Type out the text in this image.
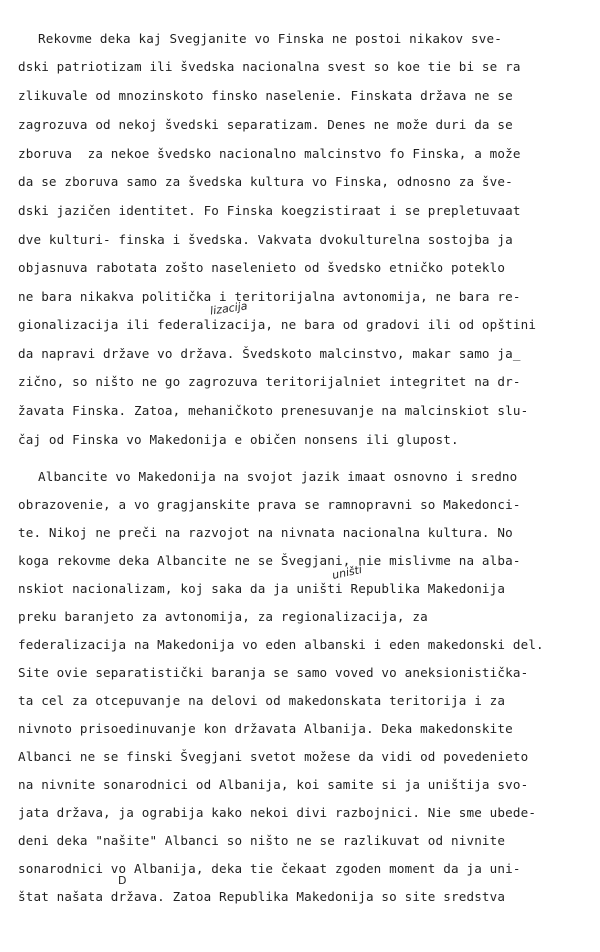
Rekovme deka kaj Svegjanite vo Finska ne postoi nikakov sve-
dski patriotizam ili švedska nacionalna svest so koe tie bi se ra
zlikuvale od mnozinskoto finsko naselenie. Finskata država ne se
zagrozuva od nekoj švedski separatizam. Denes ne može duri da se
zboruva  za nekoe švedsko nacionalno malcinstvo fo Finska, a može
da se zboruva samo za švedska kultura vo Finska, odnosno za šve-
dski jazičen identitet. Fo Finska koegzistiraat i se prepletuvaat
dve kulturi- finska i švedska. Vakvata dvokulturelna sostojba ja
objasnuva rabotata zošto naselenieto od švedsko etničko poteklo
ne bara nikakva politička i teritorijalna avtonomija, ne bara re-
gionalizacija ili federalizacija, ne bara od gradovi ili od opštini
da napravi države vo država. Švedskoto malcinstvo, makar samo ja_
zično, so ništo ne go zagrozuva teritorijalniet integritet na dr-
žavata Finska. Zatoa, mehaničkoto prenesuvanje na malcinskiot slu-
čaj od Finska vo Makedonija e običen nonsens ili glupost.
Albancite vo Makedonija na svojot jazik imaat osnovno i sredno
obrazovenie, a vo gragjanskite prava se ramnopravni so Makedonci-
te. Nikoj ne preči na razvojot na nivnata nacionalna kultura. No
koga rekovme deka Albancite ne se Švegjani, nie mislivme na alba-
nskiot nacionalizam, koj saka da ja uništi Republika Makedonija
preku baranjeto za avtonomija, za regionalizacija, za
federalizacija na Makedonija vo eden albanski i eden makedonski del.
Site ovie separatistički baranja se samo voved vo aneksionistička-
ta cel za otcepuvanje na delovi od makedonskata teritorija i za
nivnoto prisoedinuvanje kon državata Albanija. Deka makedonskite
Albanci ne se finski Švegjani svetot možese da vidi od povedenieto
na nivnite sonarodnici od Albanija, koi samite si ja uništija svo-
jata država, ja ograbija kako nekoi divi razbojnici. Nie sme ubede-
deni deka "našite" Albanci so ništo ne se razlikuvat od nivnite
sonarodnici vo Albanija, deka tie čekaat zgoden moment da ja uni-
štat našata država. Zatoa Republika Makedonija so site sredstva
lizacija
uništi
D
